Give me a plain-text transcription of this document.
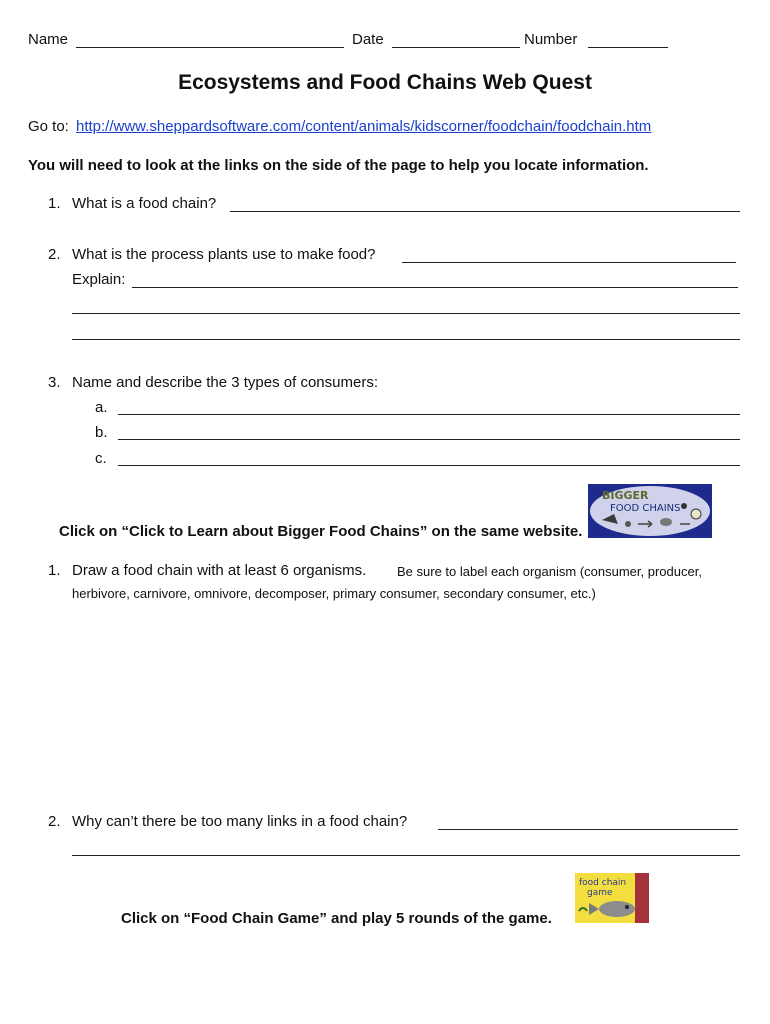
Name	Date	Number
Ecosystems and Food Chains Web Quest
Go to: http://www.sheppardsoftware.com/content/animals/kidscorner/foodchain/foodchain.htm
You will need to look at the links on the side of the page to help you locate information.
1. What is a food chain?
2. What is the process plants use to make food?
Explain:
3. Name and describe the 3 types of consumers:
a.
b.
c.
BIGGER
FOOD CHAINS
Click on “Click to Learn about Bigger Food Chains” on the same website.
1. Draw a food chain with at least 6 organisms. Be sure to label each organism (consumer, producer,
herbivore, carnivore, omnivore, decomposer, primary consumer, secondary consumer, etc.)
2. Why can’t there be too many links in a food chain?
food chain
game
Click on “Food Chain Game” and play 5 rounds of the game.
